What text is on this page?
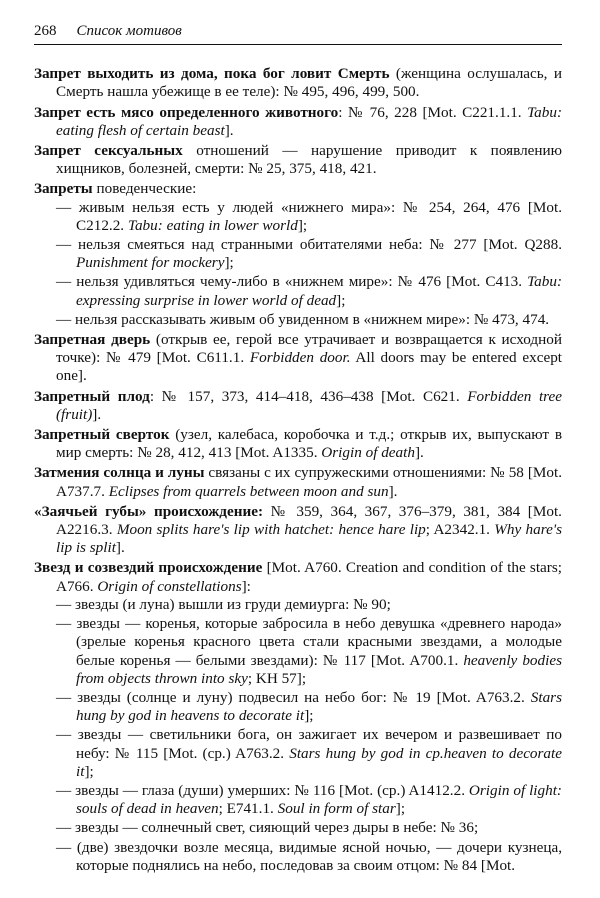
268 Список мотивов

Запрет выходить из дома, пока бог ловит Смерть (женщина ослушалась, и Смерть нашла убежище в ее теле): № 495, 496, 499, 500.

Запрет есть мясо определенного животного: № 76, 228 [Mot. C221.1.1. Tabu: eating flesh of certain beast].

Запрет сексуальных отношений — нарушение приводит к появлению хищников, болезней, смерти: № 25, 375, 418, 421.

Запреты поведенческие:

— живым нельзя есть у людей «нижнего мира»: № 254, 264, 476 [Mot. C212.2. Tabu: eating in lower world];

— нельзя смеяться над странными обитателями неба: № 277 [Mot. Q288. Punishment for mockery];

— нельзя удивляться чему-либо в «нижнем мире»: № 476 [Mot. C413. Tabu: expressing surprise in lower world of dead];

— нельзя рассказывать живым об увиденном в «нижнем мире»: № 473, 474.

Запретная дверь (открыв ее, герой все утрачивает и возвращается к исходной точке): № 479 [Mot. C611.1. Forbidden door. All doors may be entered except one].

Запретный плод: № 157, 373, 414–418, 436–438 [Mot. C621. Forbidden tree (fruit)].

Запретный сверток (узел, калебаса, коробочка и т.д.; открыв их, выпускают в мир смерть: № 28, 412, 413 [Mot. A1335. Origin of death].

Затмения солнца и луны связаны с их супружескими отношениями: № 58 [Mot. A737.7. Eclipses from quarrels between moon and sun].

«Заячьей губы» происхождение: № 359, 364, 367, 376–379, 381, 384 [Mot. A2216.3. Moon splits hare's lip with hatchet: hence hare lip; A2342.1. Why hare's lip is split].

Звезд и созвездий происхождение [Mot. A760. Creation and condition of the stars; A766. Origin of constellations]:

— звезды (и луна) вышли из груди демиурга: № 90;

— звезды — коренья, которые забросила в небо девушка «древнего народа» (зрелые коренья красного цвета стали красными звездами, а молодые белые коренья — белыми звездами): № 117 [Mot. A700.1. heavenly bodies from objects thrown into sky; KH 57];

— звезды (солнце и луну) подвесил на небо бог: № 19 [Mot. A763.2. Stars hung by god in heavens to decorate it];

— звезды — светильники бога, он зажигает их вечером и развешивает по небу: № 115 [Mot. (ср.) A763.2. Stars hung by god in cp.heaven to decorate it];

— звезды — глаза (души) умерших: № 116 [Mot. (ср.) A1412.2. Origin of light: souls of dead in heaven; E741.1. Soul in form of star];

— звезды — солнечный свет, сияющий через дыры в небе: № 36;

— (две) звездочки возле месяца, видимые ясной ночью, — дочери кузнеца, которые поднялись на небо, последовав за своим отцом: № 84 [Mot.
